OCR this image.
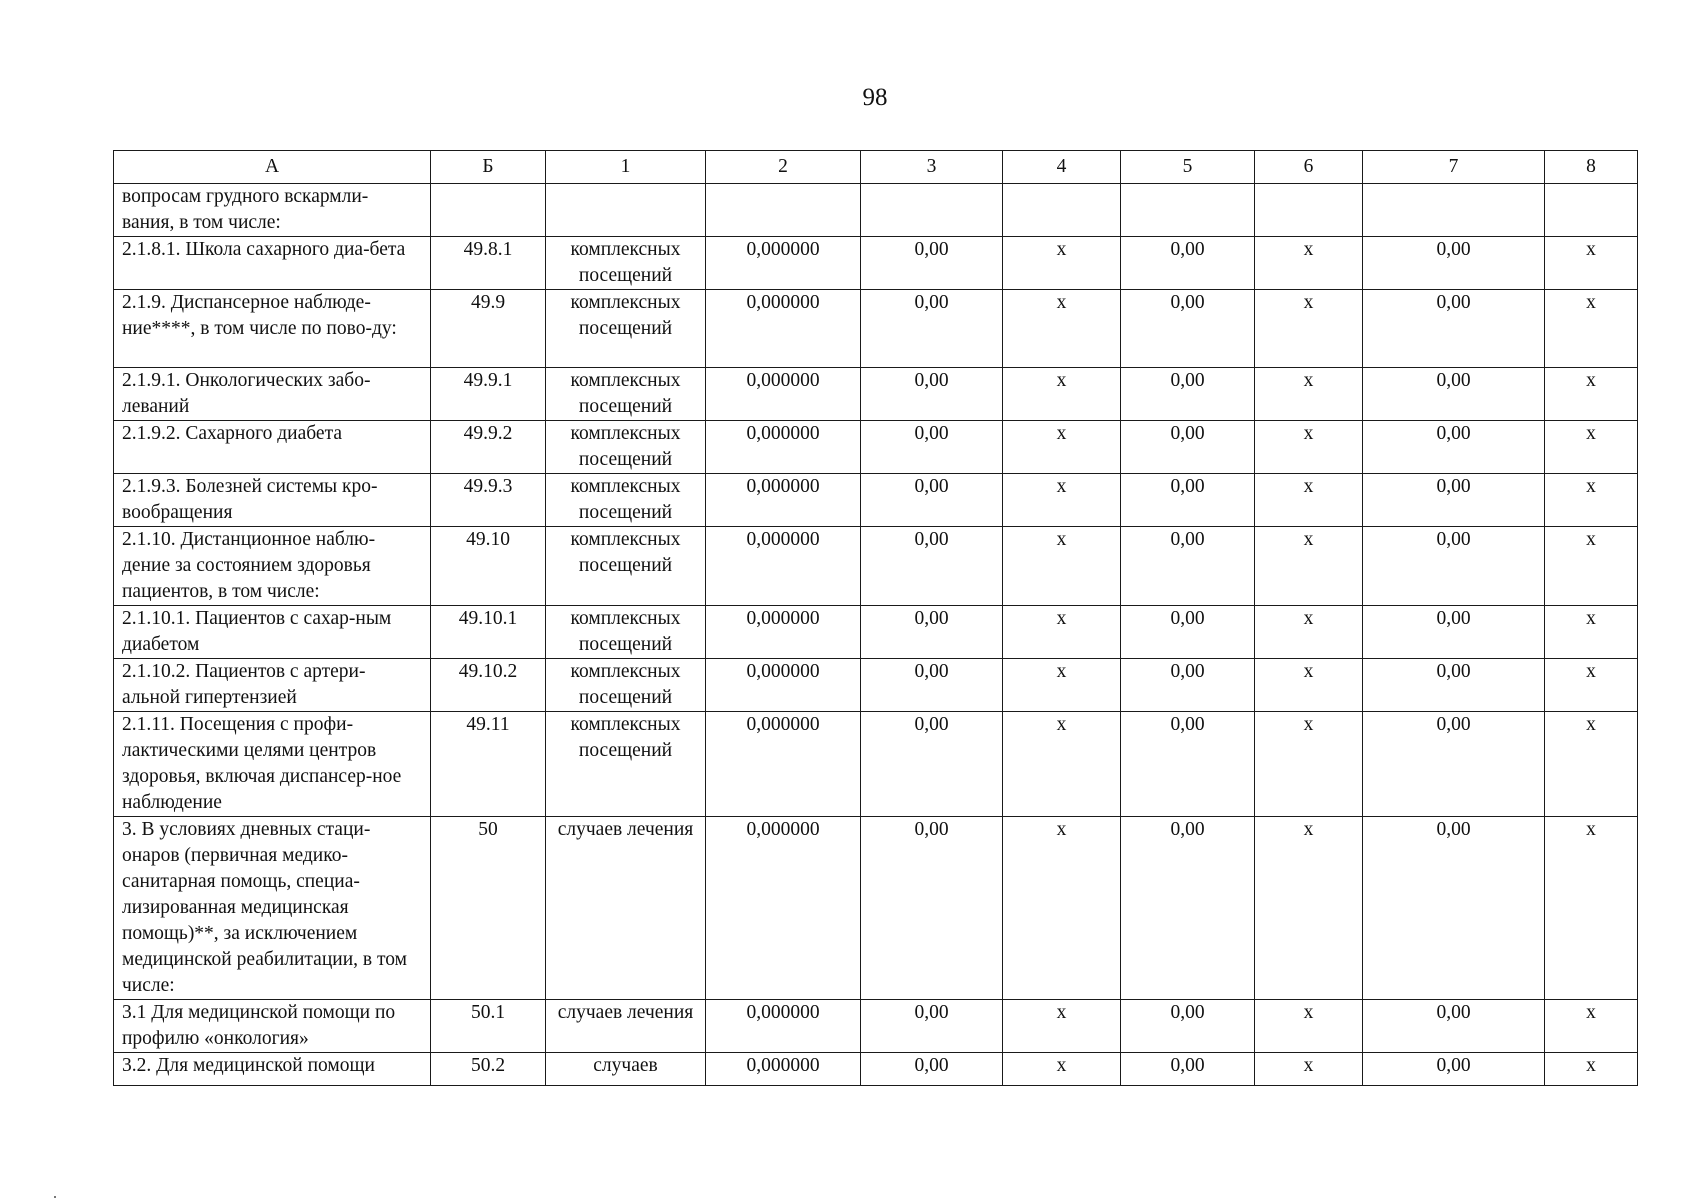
98
А	Б	1	2	3	4	5	6	7	8
вопросам грудного вскармли-вания, в том числе:									
2.1.8.1. Школа сахарного диа-бета	49.8.1	комплексных посещений	0,000000	0,00	х	0,00	х	0,00	х
2.1.9. Диспансерное наблюде-ние****, в том числе по пово-ду:	49.9	комплексных посещений	0,000000	0,00	х	0,00	х	0,00	х
2.1.9.1. Онкологических забо-леваний	49.9.1	комплексных посещений	0,000000	0,00	х	0,00	х	0,00	х
2.1.9.2. Сахарного диабета	49.9.2	комплексных посещений	0,000000	0,00	х	0,00	х	0,00	х
2.1.9.3. Болезней системы кро-вообращения	49.9.3	комплексных посещений	0,000000	0,00	х	0,00	х	0,00	х
2.1.10. Дистанционное наблю-дение за состоянием здоровья пациентов, в том числе:	49.10	комплексных посещений	0,000000	0,00	х	0,00	х	0,00	х
2.1.10.1. Пациентов с сахар-ным диабетом	49.10.1	комплексных посещений	0,000000	0,00	х	0,00	х	0,00	х
2.1.10.2. Пациентов с артери-альной гипертензией	49.10.2	комплексных посещений	0,000000	0,00	х	0,00	х	0,00	х
2.1.11. Посещения с профи-лактическими целями центров здоровья, включая диспансер-ное наблюдение	49.11	комплексных посещений	0,000000	0,00	х	0,00	х	0,00	х
3. В условиях дневных стаци-онаров (первичная медико-санитарная помощь, специа-лизированная медицинская помощь)**, за исключением медицинской реабилитации, в том числе:	50	случаев лечения	0,000000	0,00	х	0,00	х	0,00	х
3.1 Для медицинской помощи по профилю «онкология»	50.1	случаев лечения	0,000000	0,00	х	0,00	х	0,00	х
3.2. Для медицинской помощи	50.2	случаев	0,000000	0,00	х	0,00	х	0,00	х
